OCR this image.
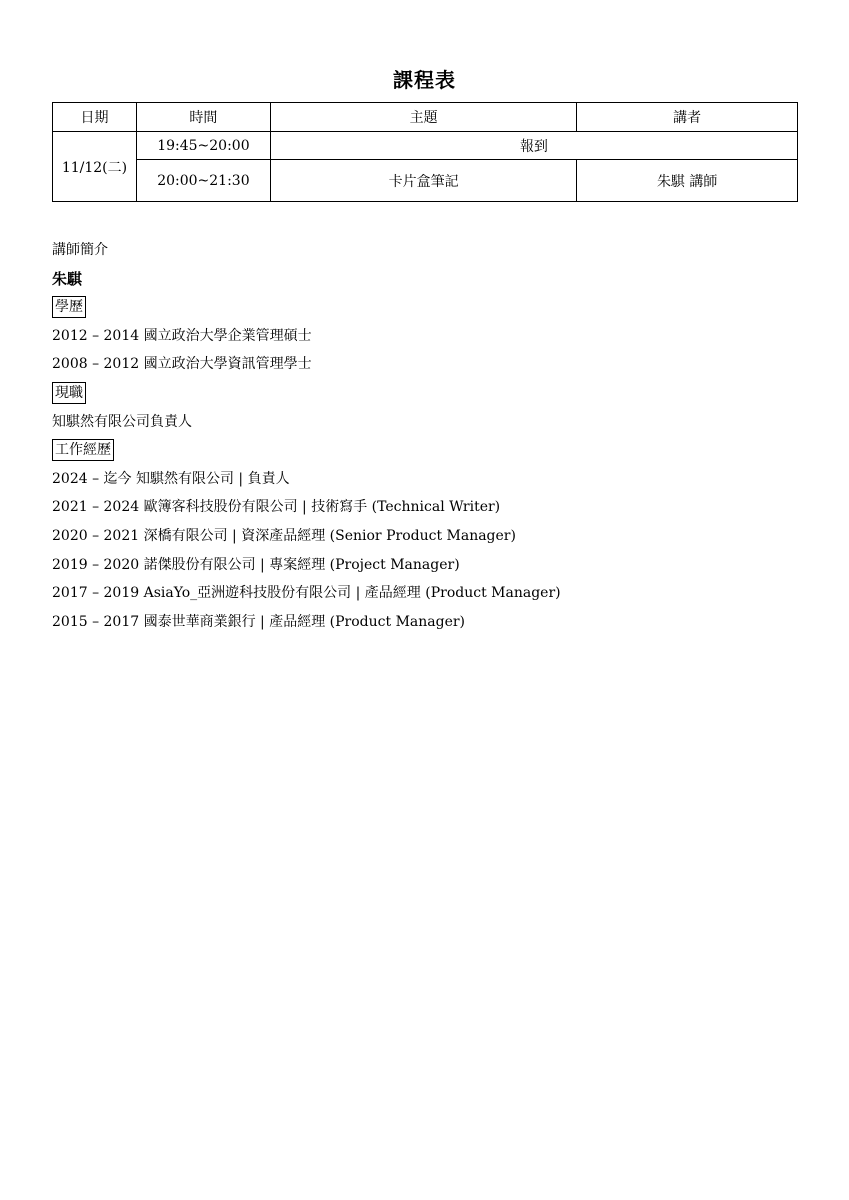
課程表
日期	時間	主題	講者
11/12(二)	19:45~20:00	報到	
	20:00~21:30	卡片盒筆記	朱騏 講師
講師簡介
朱騏
學歷
2012 – 2014 國立政治大學企業管理碩士
2008 – 2012 國立政治大學資訊管理學士
現職
知騏然有限公司負責人
工作經歷
2024 – 迄今 知騏然有限公司 | 負責人
2021 – 2024 歐簿客科技股份有限公司 | 技術寫手 (Technical Writer)
2020 – 2021 深橋有限公司 | 資深產品經理 (Senior Product Manager)
2019 – 2020 諾傑股份有限公司 | 專案經理 (Project Manager)
2017 – 2019 AsiaYo_亞洲遊科技股份有限公司 | 產品經理 (Product Manager)
2015 – 2017 國泰世華商業銀行 | 產品經理 (Product Manager)
